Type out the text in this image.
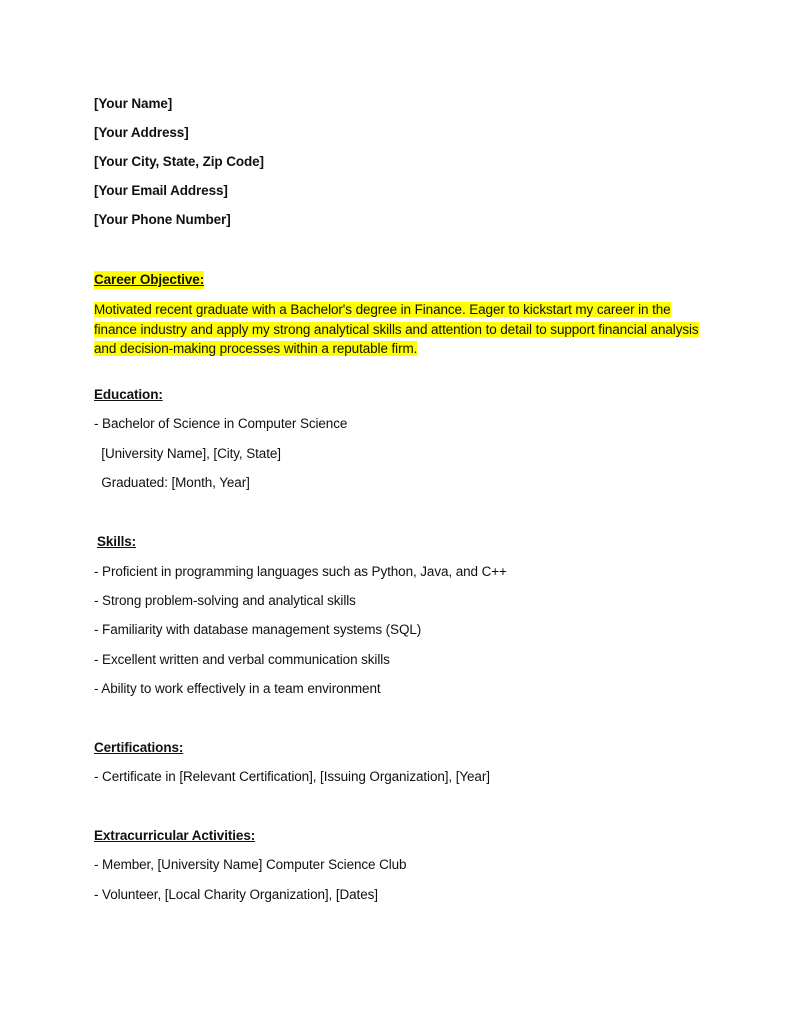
[Your Name]
[Your Address]
[Your City, State, Zip Code]
[Your Email Address]
[Your Phone Number]
Career Objective:
Motivated recent graduate with a Bachelor's degree in Finance. Eager to kickstart my career in the
finance industry and apply my strong analytical skills and attention to detail to support financial analysis
and decision-making processes within a reputable firm.
Education:
- Bachelor of Science in Computer Science
[University Name], [City, State]
Graduated: [Month, Year]
Skills:
- Proficient in programming languages such as Python, Java, and C++
- Strong problem-solving and analytical skills
- Familiarity with database management systems (SQL)
- Excellent written and verbal communication skills
- Ability to work effectively in a team environment
Certifications:
- Certificate in [Relevant Certification], [Issuing Organization], [Year]
Extracurricular Activities:
- Member, [University Name] Computer Science Club
- Volunteer, [Local Charity Organization], [Dates]
